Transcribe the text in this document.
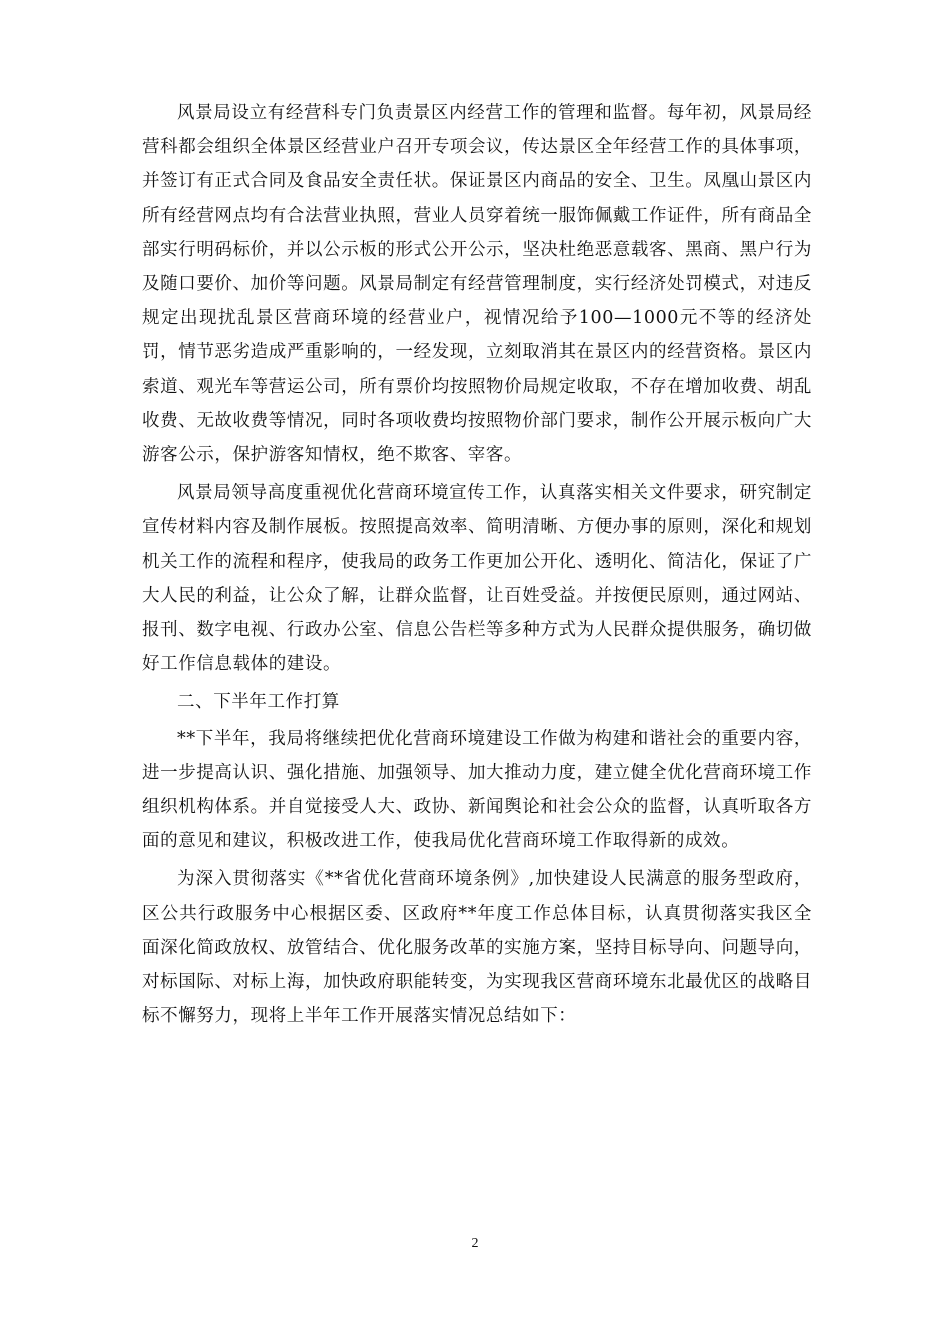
风景局设立有经营科专门负责景区内经营工作的管理和监督。每年初，风景局经营科都会组织全体景区经营业户召开专项会议，传达景区全年经营工作的具体事项，并签订有正式合同及食品安全责任状。保证景区内商品的安全、卫生。凤凰山景区内所有经营网点均有合法营业执照，营业人员穿着统一服饰佩戴工作证件，所有商品全部实行明码标价，并以公示板的形式公开公示，坚决杜绝恶意载客、黑商、黑户行为及随口要价、加价等问题。风景局制定有经营管理制度，实行经济处罚模式，对违反规定出现扰乱景区营商环境的经营业户，视情况给予100—1000元不等的经济处罚，情节恶劣造成严重影响的，一经发现，立刻取消其在景区内的经营资格。景区内索道、观光车等营运公司，所有票价均按照物价局规定收取，不存在增加收费、胡乱收费、无故收费等情况，同时各项收费均按照物价部门要求，制作公开展示板向广大游客公示，保护游客知情权，绝不欺客、宰客。

风景局领导高度重视优化营商环境宣传工作，认真落实相关文件要求，研究制定宣传材料内容及制作展板。按照提高效率、简明清晰、方便办事的原则，深化和规划机关工作的流程和程序，使我局的政务工作更加公开化、透明化、简洁化，保证了广大人民的利益，让公众了解，让群众监督，让百姓受益。并按便民原则，通过网站、报刊、数字电视、行政办公室、信息公告栏等多种方式为人民群众提供服务，确切做好工作信息载体的建设。

二、下半年工作打算

**下半年，我局将继续把优化营商环境建设工作做为构建和谐社会的重要内容，进一步提高认识、强化措施、加强领导、加大推动力度，建立健全优化营商环境工作组织机构体系。并自觉接受人大、政协、新闻舆论和社会公众的监督，认真听取各方面的意见和建议，积极改进工作，使我局优化营商环境工作取得新的成效。

为深入贯彻落实《**省优化营商环境条例》,加快建设人民满意的服务型政府，区公共行政服务中心根据区委、区政府**年度工作总体目标，认真贯彻落实我区全面深化简政放权、放管结合、优化服务改革的实施方案，坚持目标导向、问题导向，对标国际、对标上海，加快政府职能转变，为实现我区营商环境东北最优区的战略目标不懈努力，现将上半年工作开展落实情况总结如下：

2
